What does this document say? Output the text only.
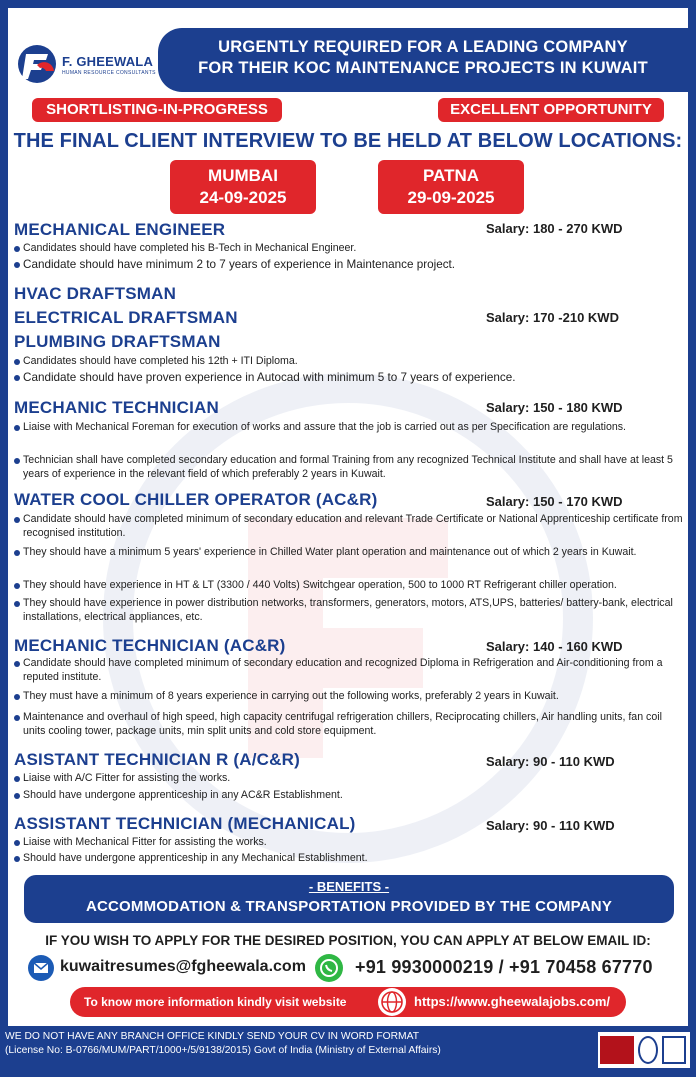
F. GHEEWALA
HUMAN RESOURCE CONSULTANTS
URGENTLY REQUIRED FOR A LEADING COMPANY
FOR THEIR KOC MAINTENANCE PROJECTS IN KUWAIT
SHORTLISTING-IN-PROGRESS	EXCELLENT OPPORTUNITY
THE FINAL CLIENT INTERVIEW TO BE HELD AT BELOW LOCATIONS:
MUMBAI
24-09-2025
PATNA
29-09-2025
MECHANICAL ENGINEER	Salary: 180 - 270 KWD
Candidates should have completed his B-Tech in Mechanical Engineer.
Candidate should have minimum 2 to 7 years of experience in Maintenance project.
HVAC DRAFTSMAN
ELECTRICAL DRAFTSMAN	Salary: 170 -210 KWD
PLUMBING DRAFTSMAN
Candidates should have completed his 12th + ITI Diploma.
Candidate should have proven experience in Autocad with minimum 5 to 7 years of experience.
MECHANIC TECHNICIAN	Salary: 150 - 180 KWD
Liaise with Mechanical Foreman for execution of works and assure that the job is carried out as per Specification are regulations.
Technician shall have completed secondary education and formal Training from any recognized Technical Institute and shall have at least 5 years of experience in the relevant field of which preferably 2 years in Kuwait.
WATER COOL CHILLER OPERATOR (AC&R)	Salary: 150 - 170 KWD
Candidate should have completed minimum of secondary education and relevant Trade Certificate or National Apprenticeship certificate from recognised institution.
They should have a minimum 5 years' experience in Chilled Water plant operation and maintenance out of which 2 years in Kuwait.
They should have experience in HT & LT (3300 / 440 Volts) Switchgear operation, 500 to 1000 RT Refrigerant chiller operation.
They should have experience in power distribution networks, transformers, generators, motors, ATS,UPS, batteries/ battery-bank, electrical installations, electrical appliances, etc.
MECHANIC TECHNICIAN (AC&R)	Salary: 140 - 160 KWD
Candidate should have completed minimum of secondary education and recognized Diploma in Refrigeration and Air-conditioning from a reputed institute.
They must have a minimum of 8 years experience in carrying out the following works, preferably 2 years in Kuwait.
Maintenance and overhaul of high speed, high capacity centrifugal refrigeration chillers, Reciprocating chillers, Air handling units, fan coil units cooling tower, package units, min split units and cold store equipment.
ASISTANT TECHNICIAN R (A/C&R)	Salary: 90 - 110 KWD
Liaise with A/C Fitter for assisting the works.
Should have undergone apprenticeship in any AC&R Establishment.
ASSISTANT TECHNICIAN (MECHANICAL)	Salary: 90 - 110 KWD
Liaise with Mechanical Fitter for assisting the works.
Should have undergone apprenticeship in any Mechanical Establishment.
- BENEFITS -
ACCOMMODATION & TRANSPORTATION PROVIDED BY THE COMPANY
IF YOU WISH TO APPLY FOR THE DESIRED POSITION, YOU CAN APPLY AT BELOW EMAIL ID:
kuwaitresumes@fgheewala.com	+91 9930000219 / +91 70458 67770
To know more information kindly visit website	https://www.gheewalajobs.com/
WE DO NOT HAVE ANY BRANCH OFFICE KINDLY SEND YOUR CV IN WORD FORMAT
(License No: B-0766/MUM/PART/1000+/5/9138/2015) Govt of India (Ministry of External Affairs)
